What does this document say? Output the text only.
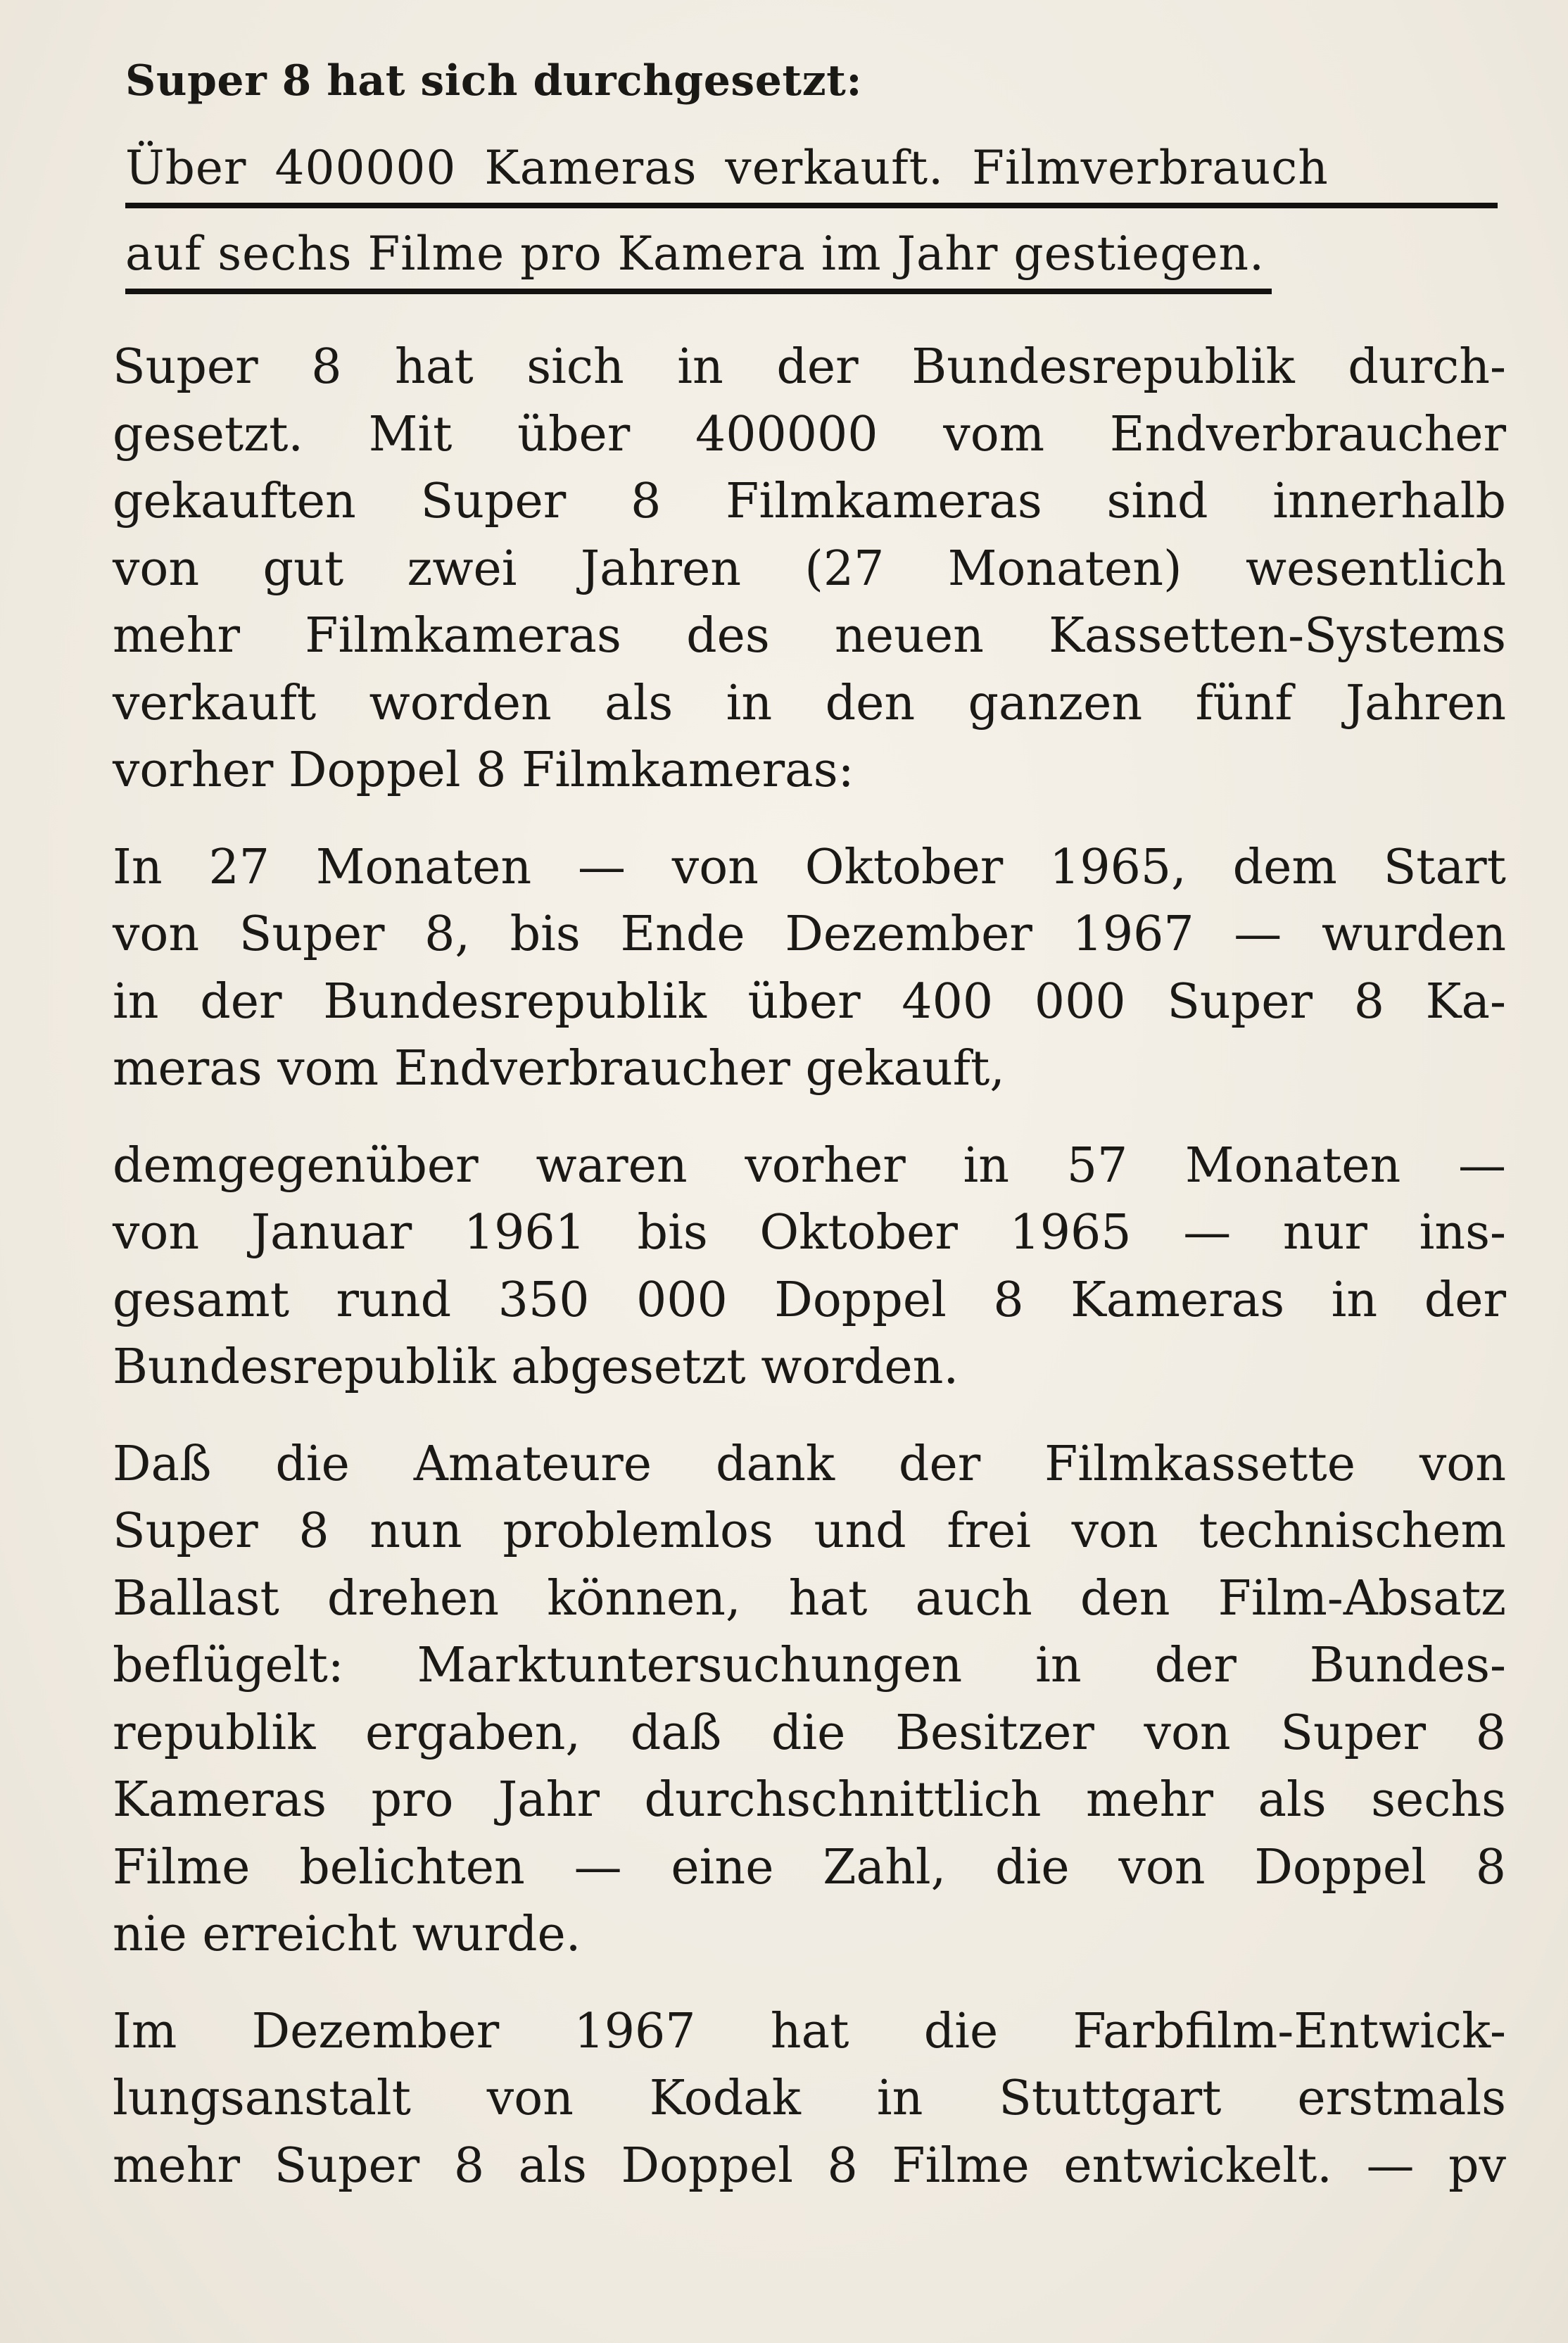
Super 8 hat sich durchgesetzt:
Über 400000 Kameras verkauft. Filmverbrauch
auf sechs Filme pro Kamera im Jahr gestiegen.
Super 8 hat sich in der Bundesrepublik durch-
gesetzt. Mit über 400000 vom Endverbraucher
gekauften Super 8 Filmkameras sind innerhalb
von gut zwei Jahren (27 Monaten) wesentlich
mehr Filmkameras des neuen Kassetten-Systems
verkauft worden als in den ganzen fünf Jahren
vorher Doppel 8 Filmkameras:
In 27 Monaten — von Oktober 1965, dem Start
von Super 8, bis Ende Dezember 1967 — wurden
in der Bundesrepublik über 400 000 Super 8 Ka-
meras vom Endverbraucher gekauft,
demgegenüber waren vorher in 57 Monaten —
von Januar 1961 bis Oktober 1965 — nur ins-
gesamt rund 350 000 Doppel 8 Kameras in der
Bundesrepublik abgesetzt worden.
Daß die Amateure dank der Filmkassette von
Super 8 nun problemlos und frei von technischem
Ballast drehen können, hat auch den Film-Absatz
beflügelt: Marktuntersuchungen in der Bundes-
republik ergaben, daß die Besitzer von Super 8
Kameras pro Jahr durchschnittlich mehr als sechs
Filme belichten — eine Zahl, die von Doppel 8
nie erreicht wurde.
Im Dezember 1967 hat die Farbfilm-Entwick-
lungsanstalt von Kodak in Stuttgart erstmals
mehr Super 8 als Doppel 8 Filme entwickelt. — pv
